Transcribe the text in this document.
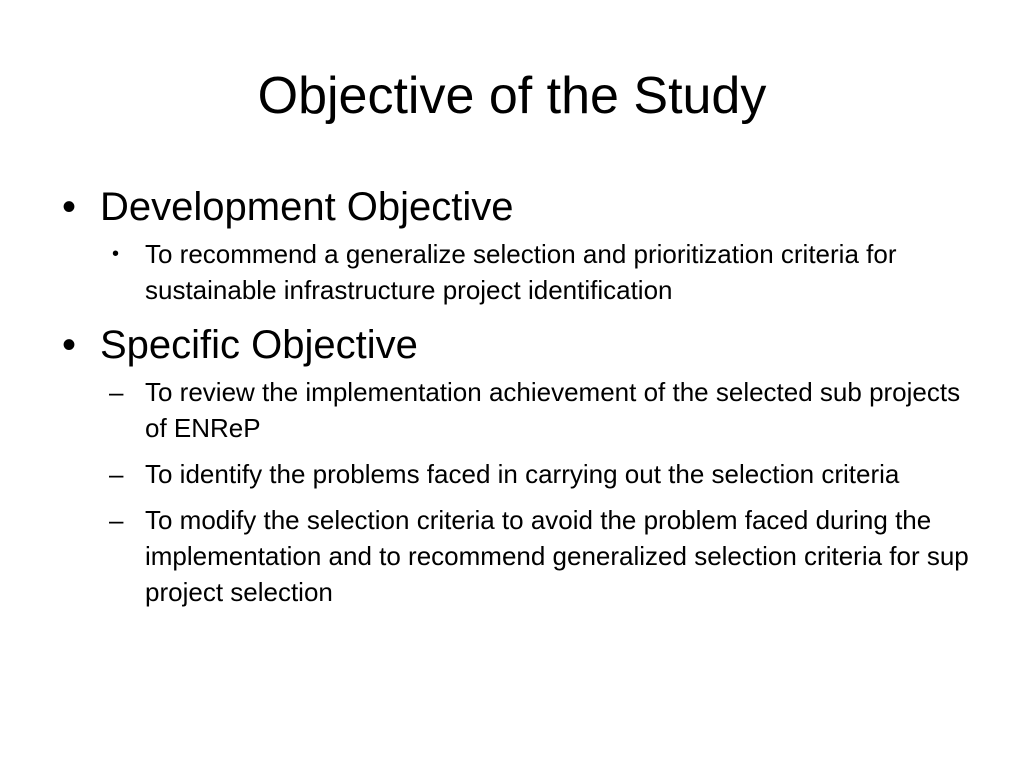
Objective of the Study

• Development Objective

• To recommend a generalize selection and prioritization criteria for sustainable infrastructure project identification

• Specific Objective

– To review the implementation achievement of the selected sub projects of ENReP

– To identify the problems faced in carrying out the selection criteria

– To modify the selection criteria to avoid the problem faced during the implementation and to recommend generalized selection criteria for sup project selection
